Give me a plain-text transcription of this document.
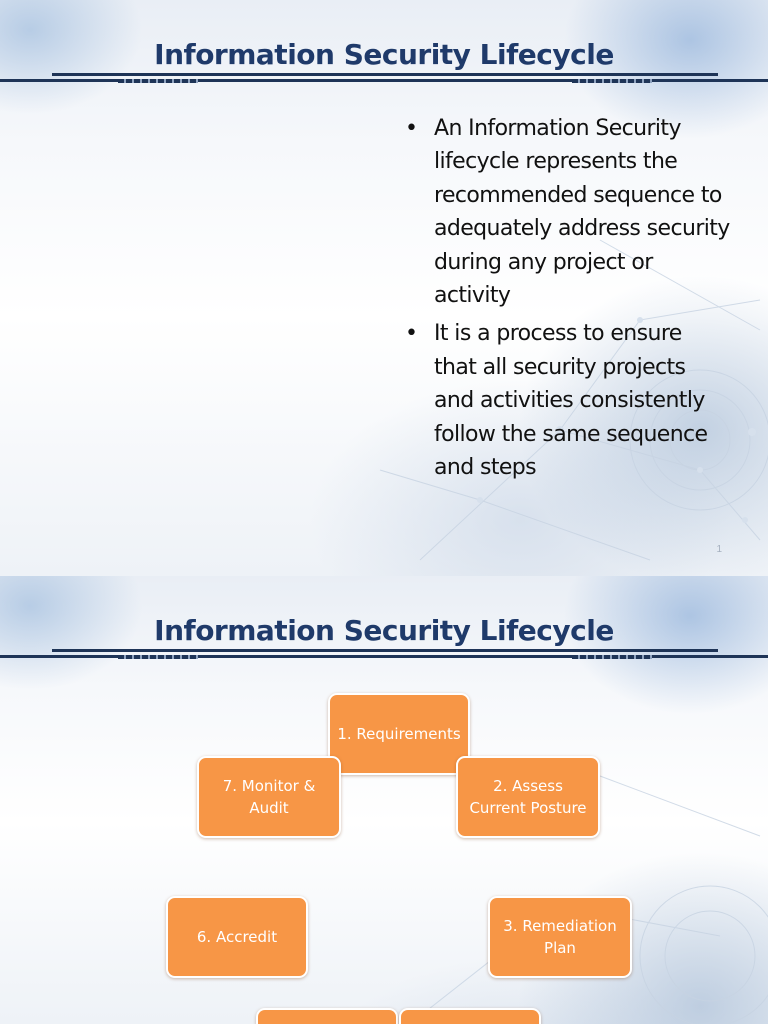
Information Security Lifecycle
• An Information Security lifecycle represents the recommended sequence to adequately address security during any project or activity
• It is a process to ensure that all security projects and activities consistently follow the same sequence and steps
1
Information Security Lifecycle
1. Requirements
2. Assess Current Posture
7. Monitor & Audit
6. Accredit
3. Remediation Plan
